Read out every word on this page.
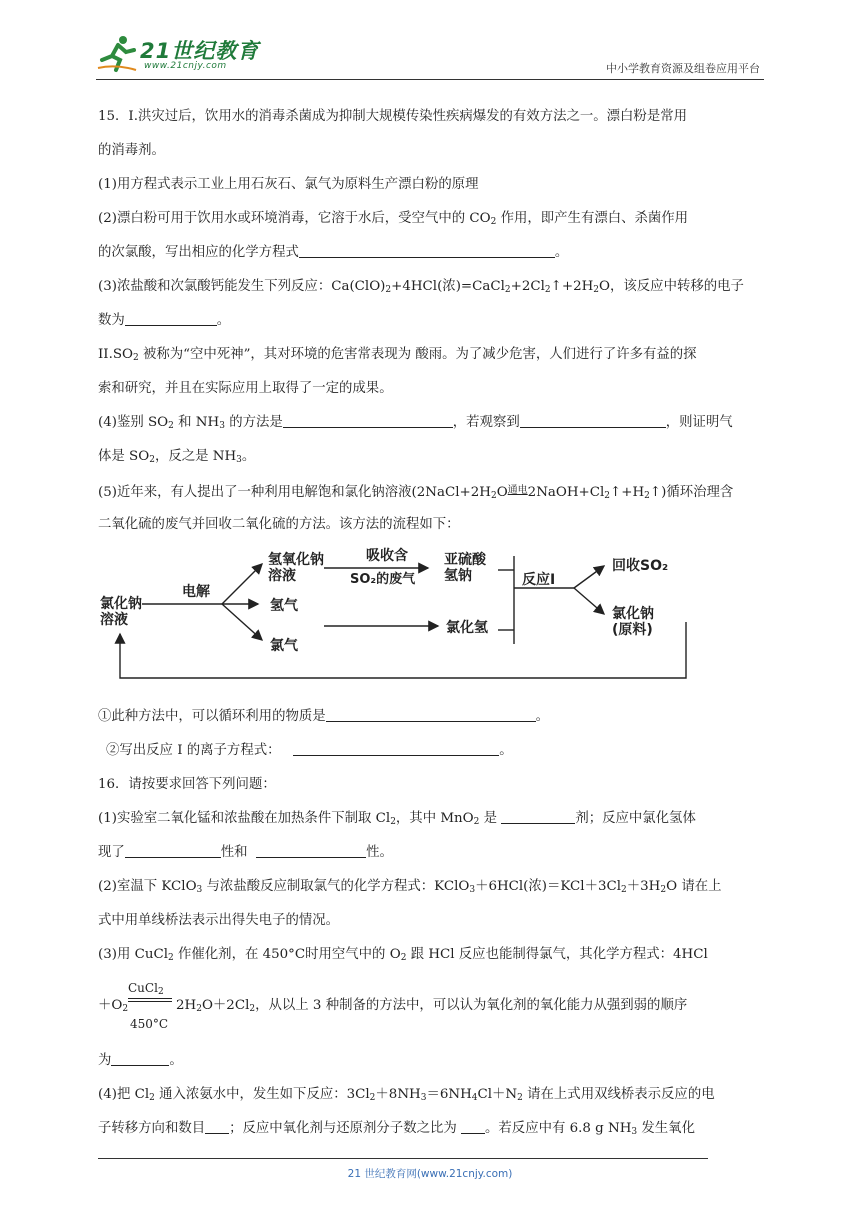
21世纪教育
www.21cnjy.com	中小学教育资源及组卷应用平台
15．I.洪灾过后，饮用水的消毒杀菌成为抑制大规模传染性疾病爆发的有效方法之一。漂白粉是常用
的消毒剂。
(1)用方程式表示工业上用石灰石、氯气为原料生产漂白粉的原理
(2)漂白粉可用于饮用水或环境消毒，它溶于水后，受空气中的 $CO_2$ 作用，即产生有漂白、杀菌作用
的次氯酸，写出相应的化学方程式	。
(3)浓盐酸和次氯酸钙能发生下列反应：$Ca(ClO)_2+4HCl$(浓)$=CaCl_2+2Cl_2↑+2H_2O$，该反应中转移的电子
数为	。
$II.SO_2$ 被称为“空中死神”，其对环境的危害常表现为 酸雨。为了减少危害，人们进行了许多有益的探
索和研究，并且在实际应用上取得了一定的成果。
(4)鉴别 $SO_2$ 和 $NH_3$ 的方法是	，若观察到	，则证明气
体是 $SO_2$，反之是 $NH_3$。
(5)近年来，有人提出了一种利用电解饱和氯化钠溶液($2NaCl+2H_2O$通电$2NaOH+Cl_2↑+H_2↑$)循环治理含
二氧化硫的废气并回收二氧化硫的方法。该方法的流程如下：
氯化钠
溶液
电解
氢氧化钠
溶液
氢气
氯气
吸收含
SO₂的废气
亚硫酸
氢钠
氯化氢
反应I
回收SO₂
氯化钠
(原料)
①此种方法中，可以循环利用的物质是	。
②写出反应 I 的离子方程式：	。
16．请按要求回答下列问题：
(1)实验室二氧化锰和浓盐酸在加热条件下制取 $Cl_2$，其中 MnO$_2$ 是	剂；反应中氯化氢体
现了	性和	性。
(2)室温下 KClO$_3$ 与浓盐酸反应制取氯气的化学方程式：KClO$_3$＋6HCl(浓)$=KCl+3Cl_2+3H_2O$ 请在上
式中用单线桥法表示出得失电子的情况。
(3)用 CuCl$_2$ 作催化剂，在 450°C时用空气中的 $O_2$ 跟 HCl 反应也能制得氯气，其化学方程式：4HCl
CuCl$_2$
$+O_2$
450°C
$2H_2O+2Cl_2$，从以上 3 种制备的方法中，可以认为氧化剂的氧化能力从强到弱的顺序
为	。
(4)把 $Cl_2$ 通入浓氨水中，发生如下反应：$3Cl_2+8NH_3=6NH_4Cl+N_2$ 请在上式用双线桥表示反应的电
子转移方向和数目 ；反应中氧化剂与还原剂分子数之比为 。若反应中有 6.8 g $NH_3$ 发生氧化
21 世纪教育网(www.21cnjy.com)
